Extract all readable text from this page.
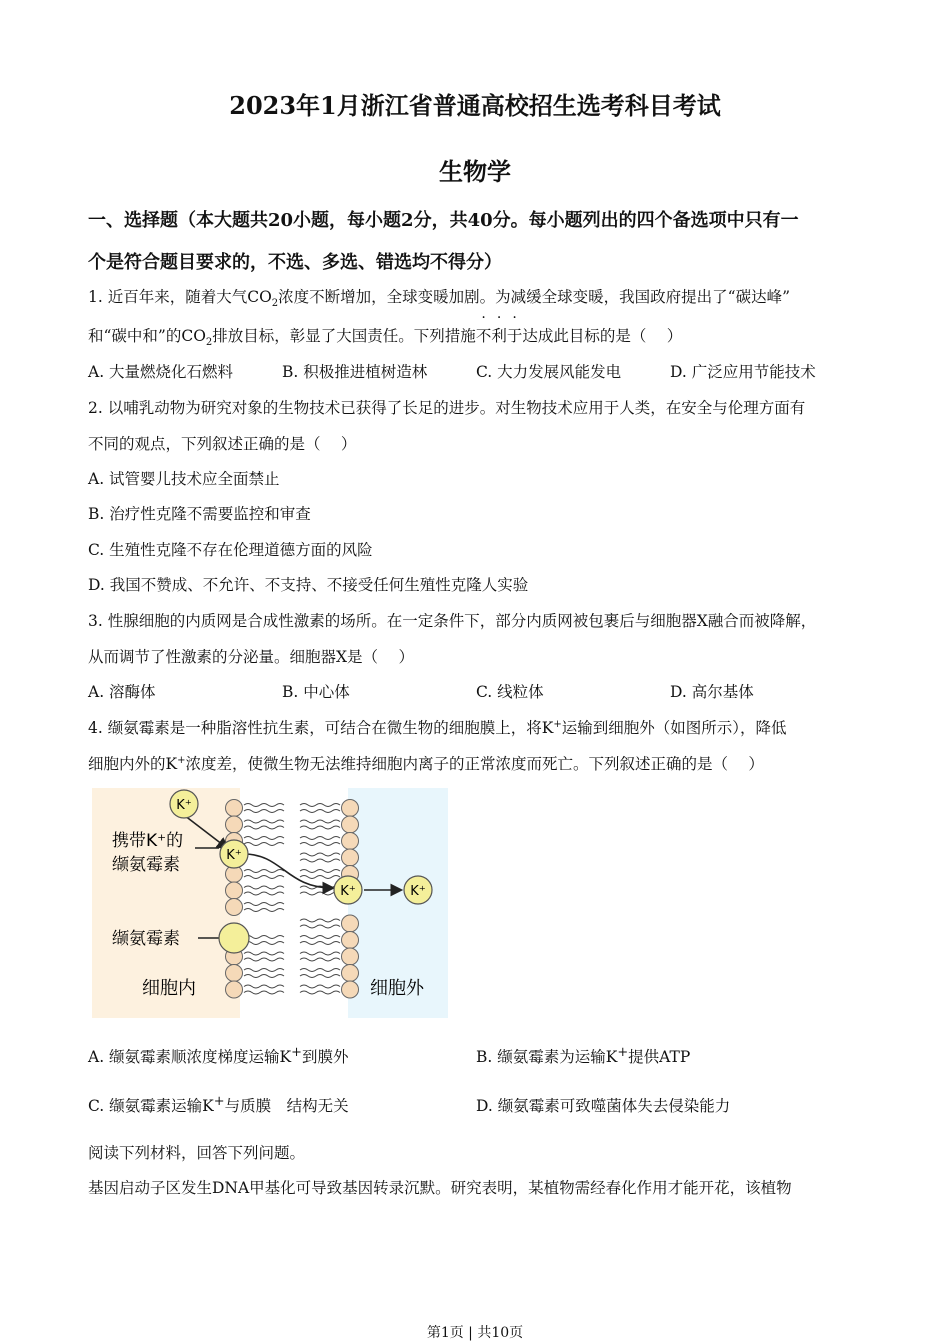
2023年1月浙江省普通高校招生选考科目考试
生物学
一、选择题（本大题共20小题，每小题2分，共40分。每小题列出的四个备选项中只有一
个是符合题目要求的，不选、多选、错选均不得分）
1. 近百年来，随着大气$CO_2$浓度不断增加，全球变暖加剧。为减缓全球变暖，我国政府提出了“碳达峰”
和“碳中和”的$CO_2$排放目标，彰显了大国责任。下列措施不利于达成此目标的是（　 ）
A. 大量燃烧化石燃料	B. 积极推进植树造林	C. 大力发展风能发电	D. 广泛应用节能技术
2. 以哺乳动物为研究对象的生物技术已获得了长足的进步。对生物技术应用于人类，在安全与伦理方面有
不同的观点，下列叙述正确的是（　 ）
A. 试管婴儿技术应全面禁止
B. 治疗性克隆不需要监控和审查
C. 生殖性克隆不存在伦理道德方面的风险
D. 我国不赞成、不允许、不支持、不接受任何生殖性克隆人实验
3. 性腺细胞的内质网是合成性激素的场所。在一定条件下，部分内质网被包裹后与细胞器X融合而被降解，
从而调节了性激素的分泌量。细胞器X是（　 ）
A. 溶酶体	B. 中心体	C. 线粒体	D. 高尔基体
4. 缬氨霉素是一种脂溶性抗生素，可结合在微生物的细胞膜上，将K+运输到细胞外（如图所示），降低
细胞内外的K+浓度差，使微生物无法维持细胞内离子的正常浓度而死亡。下列叙述正确的是（　 ）
K⁺
K⁺
K⁺	K⁺
携带K⁺的
缬氨霉素
缬氨霉素
细胞内	细胞外
A. 缬氨霉素顺浓度梯度运输K+到膜外	B. 缬氨霉素为运输K+提供ATP
C. 缬氨霉素运输K+与质膜　结构无关	D. 缬氨霉素可致噬菌体失去侵染能力
阅读下列材料，回答下列问题。
基因启动子区发生DNA甲基化可导致基因转录沉默。研究表明，某植物需经春化作用才能开花，该植物
第1页 | 共10页
